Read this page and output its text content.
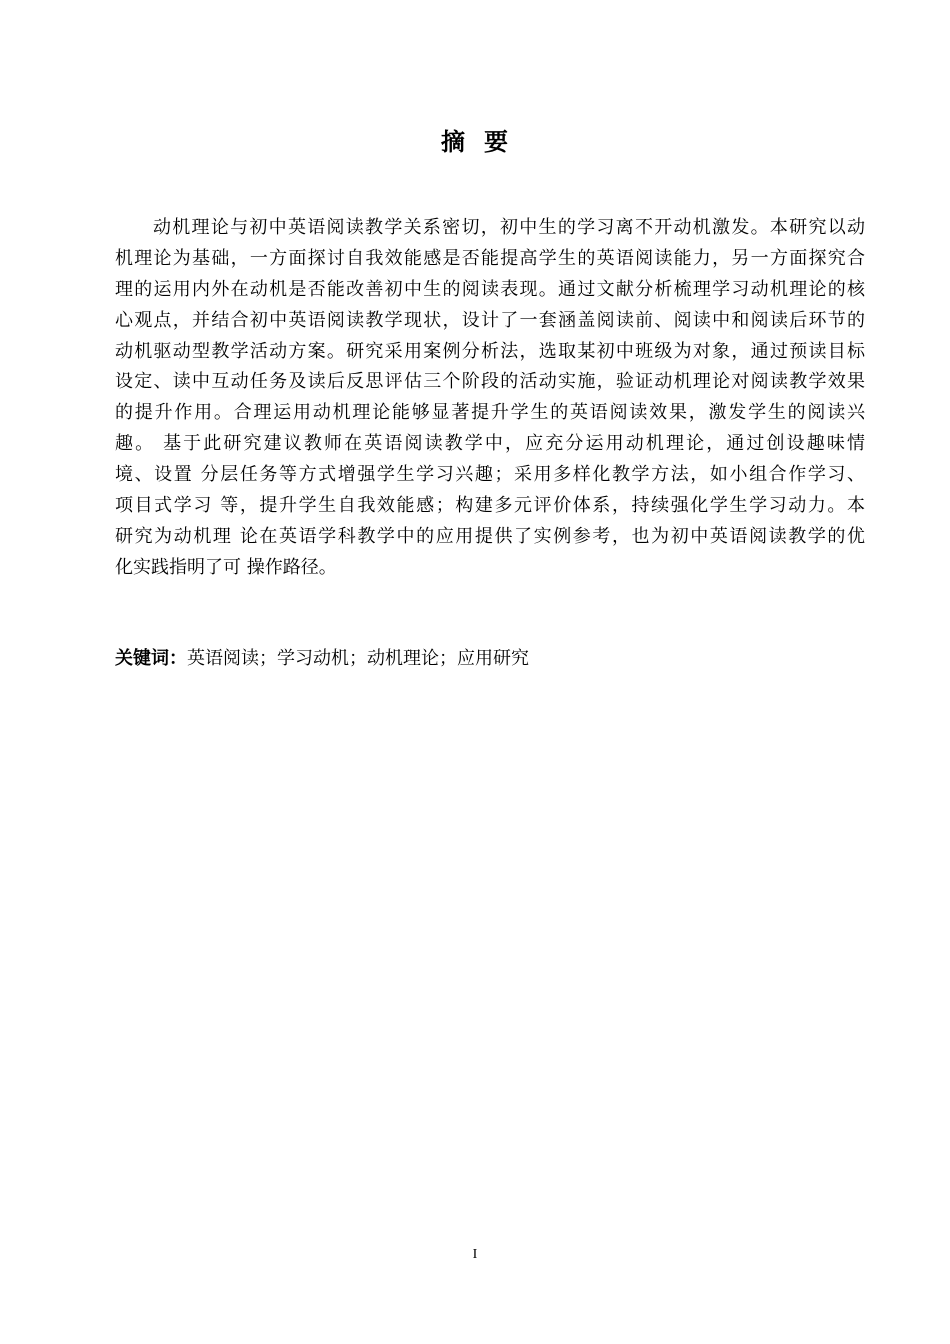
摘 要
动机理论与初中英语阅读教学关系密切，初中生的学习离不开动机激发。本研究以动
机理论为基础，一方面探讨自我效能感是否能提高学生的英语阅读能力，另一方面探究合
理的运用内外在动机是否能改善初中生的阅读表现。通过文献分析梳理学习动机理论的核
心观点，并结合初中英语阅读教学现状，设计了一套涵盖阅读前、阅读中和阅读后环节的
动机驱动型教学活动方案。研究采用案例分析法，选取某初中班级为对象，通过预读目标
设定、读中互动任务及读后反思评估三个阶段的活动实施，验证动机理论对阅读教学效果
的提升作用。合理运用动机理论能够显著提升学生的英语阅读效果，激发学生的阅读兴
趣。 基于此研究建议教师在英语阅读教学中，应充分运用动机理论，通过创设趣味情
境、设置 分层任务等方式增强学生学习兴趣；采用多样化教学方法，如小组合作学习、
项目式学习 等，提升学生自我效能感；构建多元评价体系，持续强化学生学习动力。本
研究为动机理 论在英语学科教学中的应用提供了实例参考，也为初中英语阅读教学的优
化实践指明了可 操作路径。
关键词：英语阅读；学习动机；动机理论；应用研究
I
